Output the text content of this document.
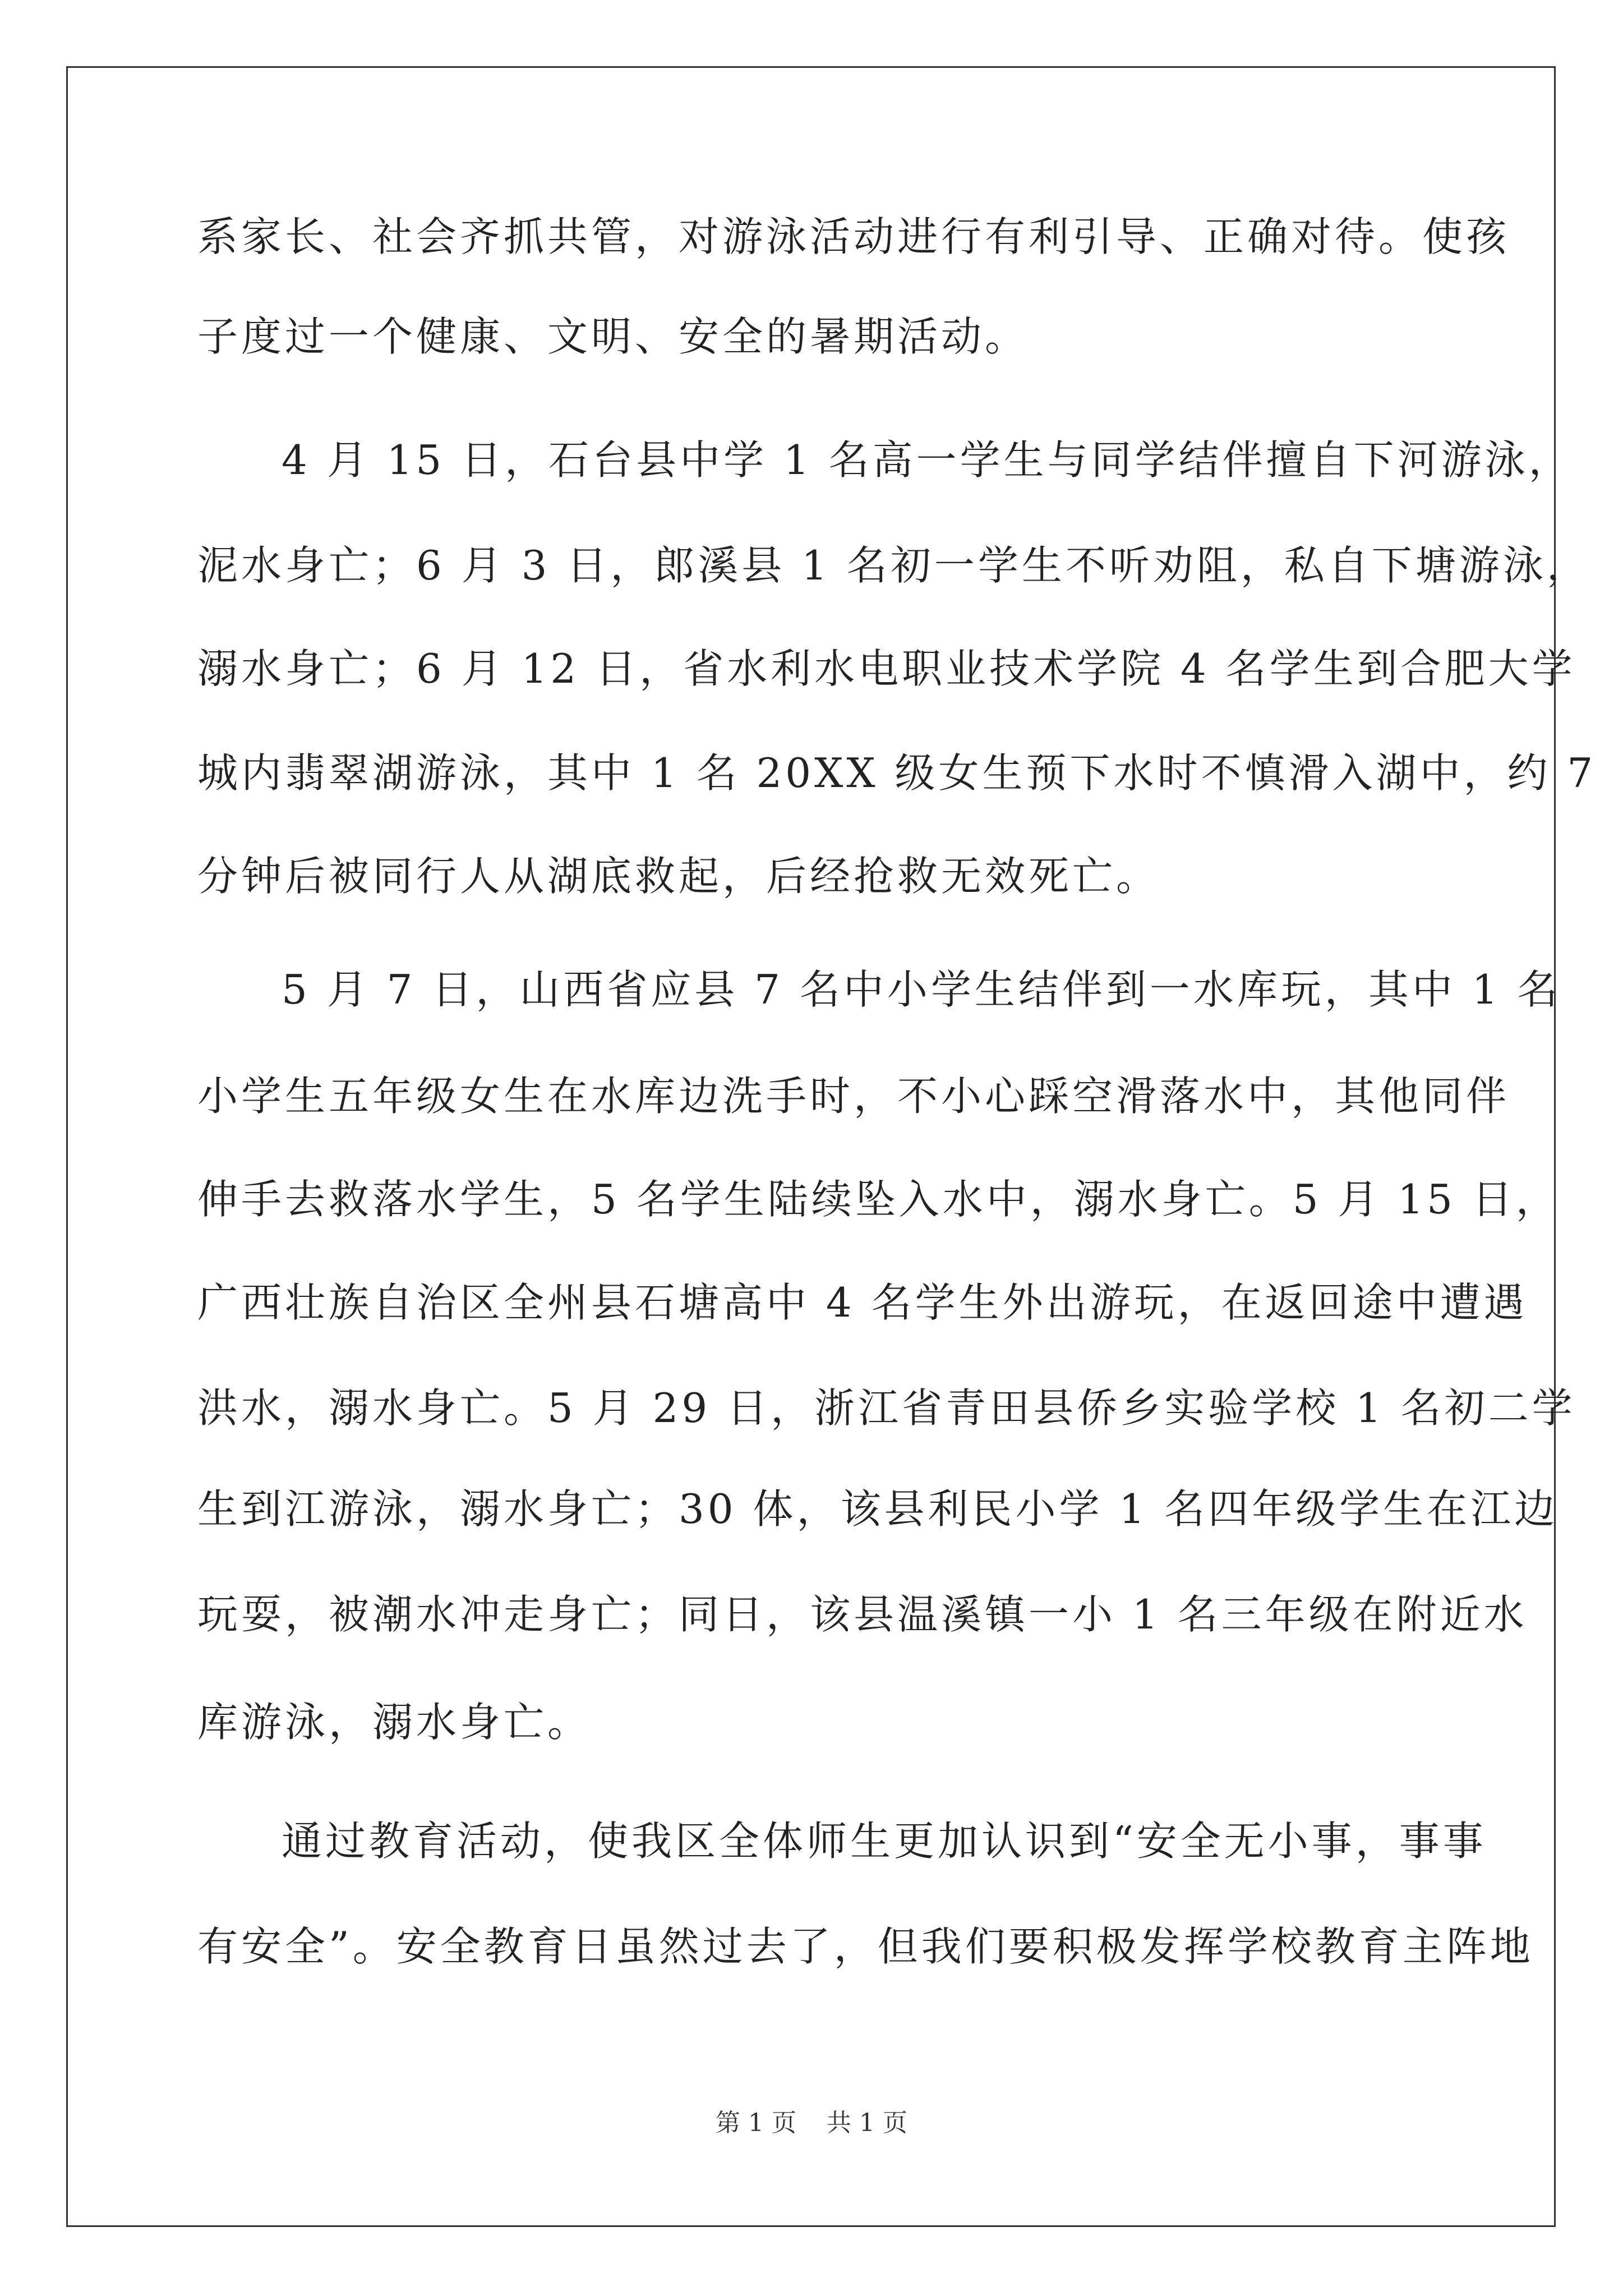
系家长、社会齐抓共管，对游泳活动进行有利引导、正确对待。使孩
子度过一个健康、文明、安全的暑期活动。
4 月 15 日，石台县中学 1 名高一学生与同学结伴擅自下河游泳，
泥水身亡；6 月 3 日，郎溪县 1 名初一学生不听劝阻，私自下塘游泳，
溺水身亡；6 月 12 日，省水利水电职业技术学院 4 名学生到合肥大学
城内翡翠湖游泳，其中 1 名 20XX 级女生预下水时不慎滑入湖中，约 7
分钟后被同行人从湖底救起，后经抢救无效死亡。
5 月 7 日，山西省应县 7 名中小学生结伴到一水库玩，其中 1 名
小学生五年级女生在水库边洗手时，不小心踩空滑落水中，其他同伴
伸手去救落水学生，5 名学生陆续坠入水中，溺水身亡。5 月 15 日，
广西壮族自治区全州县石塘高中 4 名学生外出游玩，在返回途中遭遇
洪水，溺水身亡。5 月 29 日，浙江省青田县侨乡实验学校 1 名初二学
生到江游泳，溺水身亡；30 体，该县利民小学 1 名四年级学生在江边
玩耍，被潮水冲走身亡；同日，该县温溪镇一小 1 名三年级在附近水
库游泳，溺水身亡。
通过教育活动，使我区全体师生更加认识到“安全无小事，事事
有安全”。安全教育日虽然过去了，但我们要积极发挥学校教育主阵地
第 1 页 共 1 页
